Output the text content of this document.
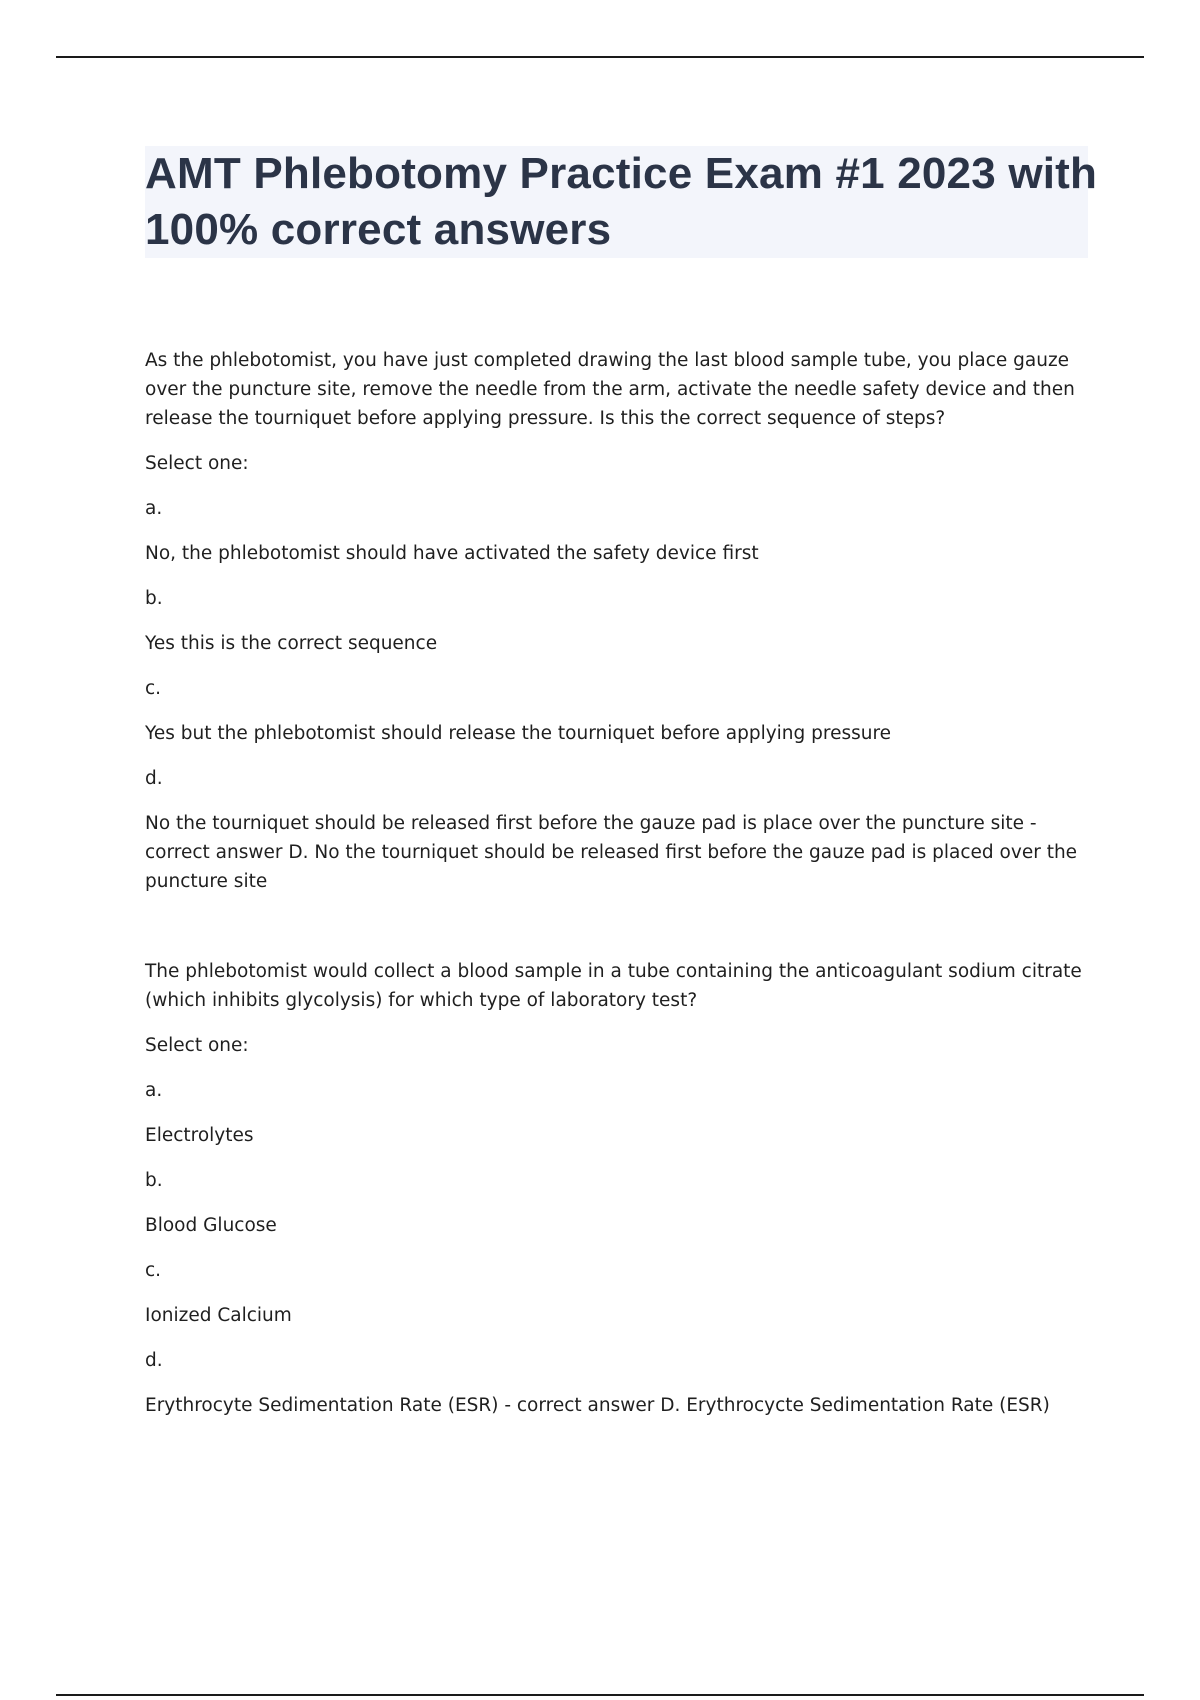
AMT Phlebotomy Practice Exam #1 2023 with 100% correct answers

As the phlebotomist, you have just completed drawing the last blood sample tube, you place gauze over the puncture site, remove the needle from the arm, activate the needle safety device and then release the tourniquet before applying pressure. Is this the correct sequence of steps?

Select one:

a.

No, the phlebotomist should have activated the safety device first

b.

Yes this is the correct sequence

c.

Yes but the phlebotomist should release the tourniquet before applying pressure

d.

No the tourniquet should be released first before the gauze pad is place over the puncture site - correct answer D. No the tourniquet should be released first before the gauze pad is placed over the puncture site

The phlebotomist would collect a blood sample in a tube containing the anticoagulant sodium citrate (which inhibits glycolysis) for which type of laboratory test?

Select one:

a.

Electrolytes

b.

Blood Glucose

c.

Ionized Calcium

d.

Erythrocyte Sedimentation Rate (ESR) - correct answer D. Erythrocycte Sedimentation Rate (ESR)
